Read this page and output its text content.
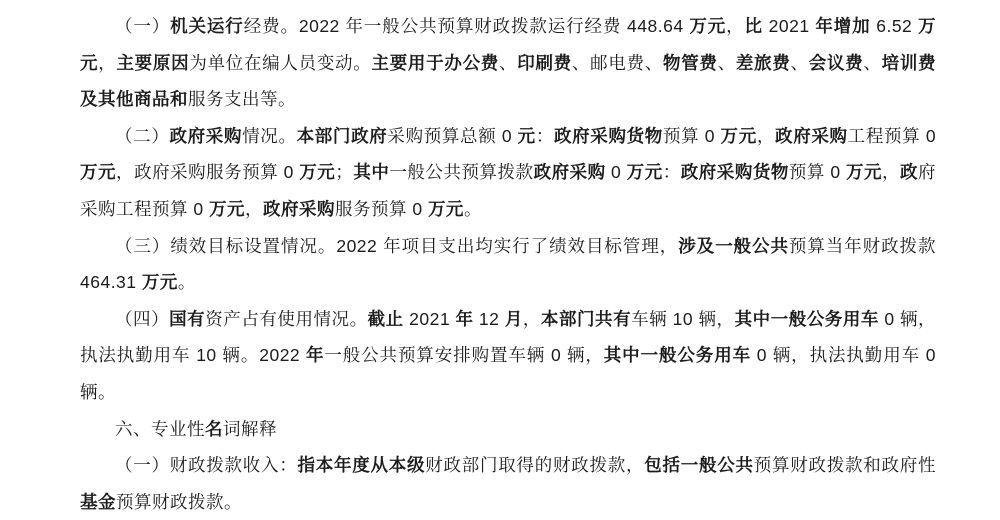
（一）机关运行经费。2022 年一般公共预算财政拨款运行经费 448.64 万元，比 2021 年增加 6.52 万元，主要原因为单位在编人员变动。主要用于办公费、印刷费、邮电费、物管费、差旅费、会议费、培训费及其他商品和服务支出等。

（二）政府采购情况。本部门政府采购预算总额 0 元：政府采购货物预算 0 万元，政府采购工程预算 0 万元，政府采购服务预算 0 万元；其中一般公共预算拨款政府采购 0 万元：政府采购货物预算 0 万元，政府采购工程预算 0 万元，政府采购服务预算 0 万元。

（三）绩效目标设置情况。2022 年项目支出均实行了绩效目标管理，涉及一般公共预算当年财政拨款 464.31 万元。

（四）国有资产占有使用情况。截止 2021 年 12 月，本部门共有车辆 10 辆，其中一般公务用车 0 辆，执法执勤用车 10 辆。2022 年一般公共预算安排购置车辆 0 辆，其中一般公务用车 0 辆，执法执勤用车 0 辆。

六、专业性名词解释

（一）财政拨款收入：指本年度从本级财政部门取得的财政拨款，包括一般公共预算财政拨款和政府性基金预算财政拨款。
